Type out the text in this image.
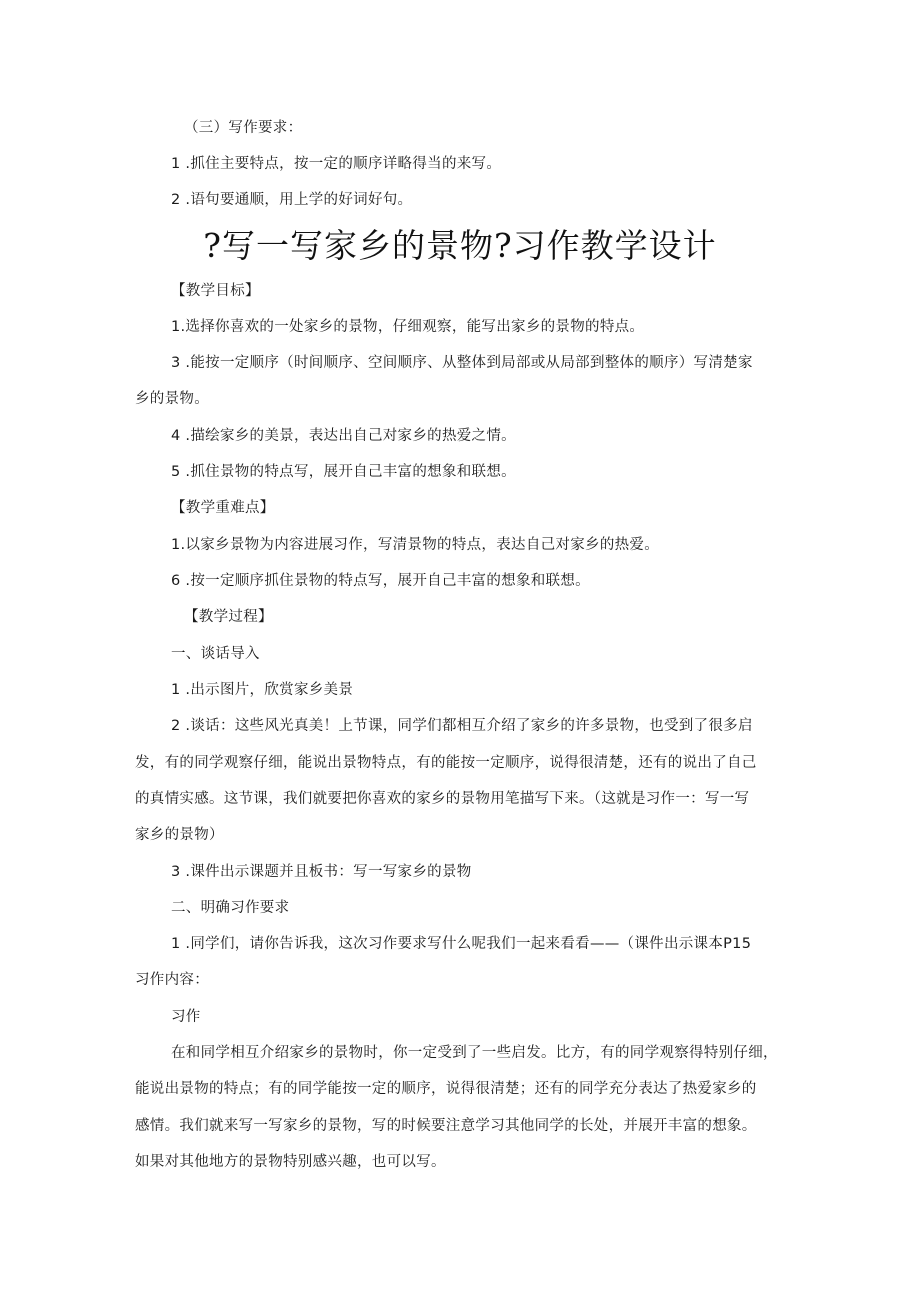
（三）写作要求：
1 .抓住主要特点，按一定的顺序详略得当的来写。
2 .语句要通顺，用上学的好词好句。
?写一写家乡的景物?习作教学设计
【教学目标】
1.选择你喜欢的一处家乡的景物，仔细观察，能写出家乡的景物的特点。
3 .能按一定顺序（时间顺序、空间顺序、从整体到局部或从局部到整体的顺序）写清楚家
乡的景物。
4 .描绘家乡的美景，表达出自己对家乡的热爱之情。
5 .抓住景物的特点写，展开自己丰富的想象和联想。
【教学重难点】
1.以家乡景物为内容进展习作，写清景物的特点，表达自己对家乡的热爱。
6 .按一定顺序抓住景物的特点写，展开自己丰富的想象和联想。
【教学过程】
一、谈话导入
1 .出示图片，欣赏家乡美景
2 .谈话：这些风光真美！上节课，同学们都相互介绍了家乡的许多景物，也受到了很多启
发，有的同学观察仔细，能说出景物特点，有的能按一定顺序，说得很清楚，还有的说出了自己
的真情实感。这节课，我们就要把你喜欢的家乡的景物用笔描写下来。（这就是习作一：写一写
家乡的景物）
3 .课件出示课题并且板书：写一写家乡的景物
二、明确习作要求
1 .同学们，请你告诉我，这次习作要求写什么呢我们一起来看看——（课件出示课本P15
习作内容：
习作
在和同学相互介绍家乡的景物时，你一定受到了一些启发。比方，有的同学观察得特别仔细，
能说出景物的特点；有的同学能按一定的顺序，说得很清楚；还有的同学充分表达了热爱家乡的
感情。我们就来写一写家乡的景物，写的时候要注意学习其他同学的长处，并展开丰富的想象。
如果对其他地方的景物特别感兴趣，也可以写。
